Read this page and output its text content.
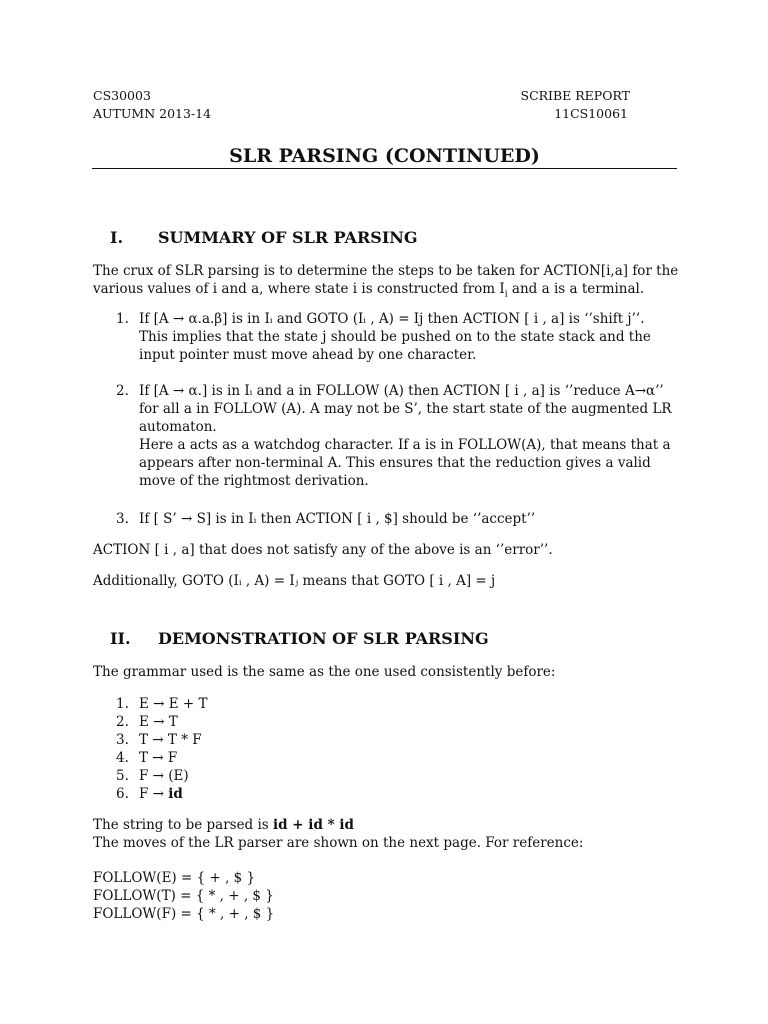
CS30003
AUTUMN 2013-14
SCRIBE REPORT
11CS10061
SLR PARSING (CONTINUED)
I. SUMMARY OF SLR PARSING

The crux of SLR parsing is to determine the steps to be taken for ACTION[i,a] for the

various values of i and a, where state i is constructed from $I_i$ and a is a terminal.

1. If [A → α.a.β] is in Iᵢ and GOTO (Iᵢ , A) = Ij then ACTION [ i , a] is ‘’shift j’’.

This implies that the state j should be pushed on to the state stack and the

input pointer must move ahead by one character.

2. If [A → α.] is in Iᵢ and a in FOLLOW (A) then ACTION [ i , a] is ‘’reduce A→α’’

for all a in FOLLOW (A). A may not be S’, the start state of the augmented LR

automaton.

Here a acts as a watchdog character. If a is in FOLLOW(A), that means that a

appears after non-terminal A. This ensures that the reduction gives a valid

move of the rightmost derivation.

3. If [ S’ → S] is in Iᵢ then ACTION [ i , $] should be ‘’accept’’

ACTION [ i , a] that does not satisfy any of the above is an ‘’error’’.
Additionally, GOTO (Iᵢ , A) = Iⱼ means that GOTO [ i , A] = j
II. DEMONSTRATION OF SLR PARSING
The grammar used is the same as the one used consistently before:
1. E → E + T
2. E → T
3. T → T * F
4. T → F
5. F → (E)
6. F → id
The string to be parsed is id + id * id
The moves of the LR parser are shown on the next page. For reference:
FOLLOW(E) = { + , $ }
FOLLOW(T) = { * , + , $ }
FOLLOW(F) = { * , + , $ }
